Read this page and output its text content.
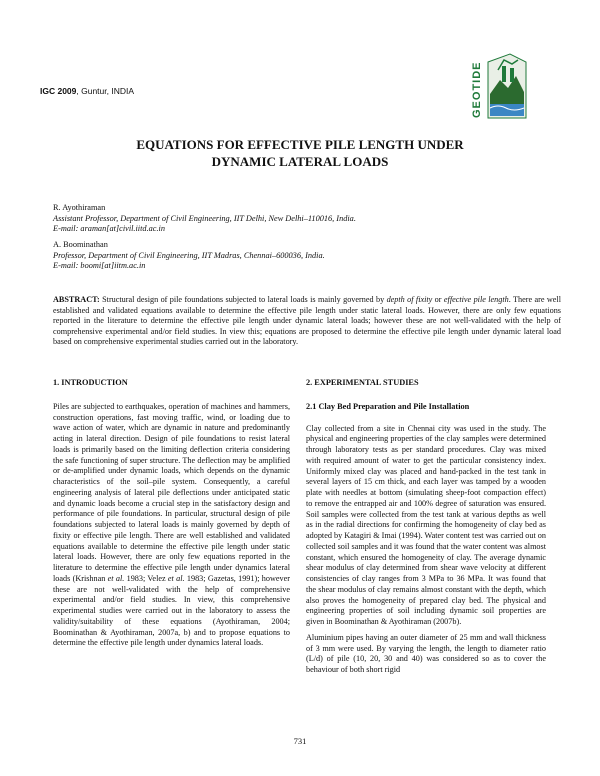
IGC 2009, Guntur, INDIA	GEOTIDE
EQUATIONS FOR EFFECTIVE PILE LENGTH UNDER
DYNAMIC LATERAL LOADS
R. Ayothiraman
Assistant Professor, Department of Civil Engineering, IIT Delhi, New Delhi–110016, India.
E-mail: araman[at]civil.iitd.ac.in
A. Boominathan
Professor, Department of Civil Engineering, IIT Madras, Chennai–600036, India.
E-mail: boomi[at]iitm.ac.in
ABSTRACT: Structural design of pile foundations subjected to lateral loads is mainly governed by depth of fixity or effective pile length. There are well established and validated equations available to determine the effective pile length under static lateral loads. However, there are only few equations reported in the literature to determine the effective pile length under dynamic lateral loads; however these are not well-validated with the help of comprehensive experimental and/or field studies. In view this; equations are proposed to determine the effective pile length under dynamic lateral load based on comprehensive experimental studies carried out in the laboratory.
1. INTRODUCTION
Piles are subjected to earthquakes, operation of machines and hammers, construction operations, fast moving traffic, wind, or loading due to wave action of water, which are dynamic in nature and predominantly acting in lateral direction. Design of pile foundations to resist lateral loads is primarily based on the limiting deflection criteria considering the safe functioning of super structure. The deflection may be amplified or de-amplified under dynamic loads, which depends on the dynamic characteristics of the soil–pile system. Consequently, a careful engineering analysis of lateral pile deflections under anticipated static and dynamic loads become a crucial step in the satisfactory design and performance of pile foundations. In particular, structural design of pile foundations subjected to lateral loads is mainly governed by depth of fixity or effective pile length. There are well established and validated equations available to determine the effective pile length under static lateral loads. However, there are only few equations reported in the literature to determine the effective pile length under dynamics lateral loads (Krishnan et al. 1983; Velez et al. 1983; Gazetas, 1991); however these are not well-validated with the help of comprehensive experimental and/or field studies. In view, this comprehensive experimental studies were carried out in the laboratory to assess the validity/suitability of these equations (Ayothiraman, 2004; Boominathan & Ayothiraman, 2007a, b) and to propose equations to determine the effective pile length under dynamics lateral loads.
2. EXPERIMENTAL STUDIES
2.1 Clay Bed Preparation and Pile Installation
Clay collected from a site in Chennai city was used in the study. The physical and engineering properties of the clay samples were determined through laboratory tests as per standard procedures. Clay was mixed with required amount of water to get the particular consistency index. Uniformly mixed clay was placed and hand-packed in the test tank in several layers of 15 cm thick, and each layer was tamped by a wooden plate with needles at bottom (simulating sheep-foot compaction effect) to remove the entrapped air and 100% degree of saturation was ensured. Soil samples were collected from the test tank at various depths as well as in the radial directions for confirming the homogeneity of clay bed as adopted by Katagiri & Imai (1994). Water content test was carried out on collected soil samples and it was found that the water content was almost constant, which ensured the homogeneity of clay. The average dynamic shear modulus of clay determined from shear wave velocity at different consistencies of clay ranges from 3 MPa to 36 MPa. It was found that the shear modulus of clay remains almost constant with the depth, which also proves the homogeneity of prepared clay bed. The physical and engineering properties of soil including dynamic soil properties are given in Boominathan & Ayothiraman (2007b).
Aluminium pipes having an outer diameter of 25 mm and wall thickness of 3 mm were used. By varying the length, the length to diameter ratio (L/d) of pile (10, 20, 30 and 40) was considered so as to cover the behaviour of both short rigid
731
